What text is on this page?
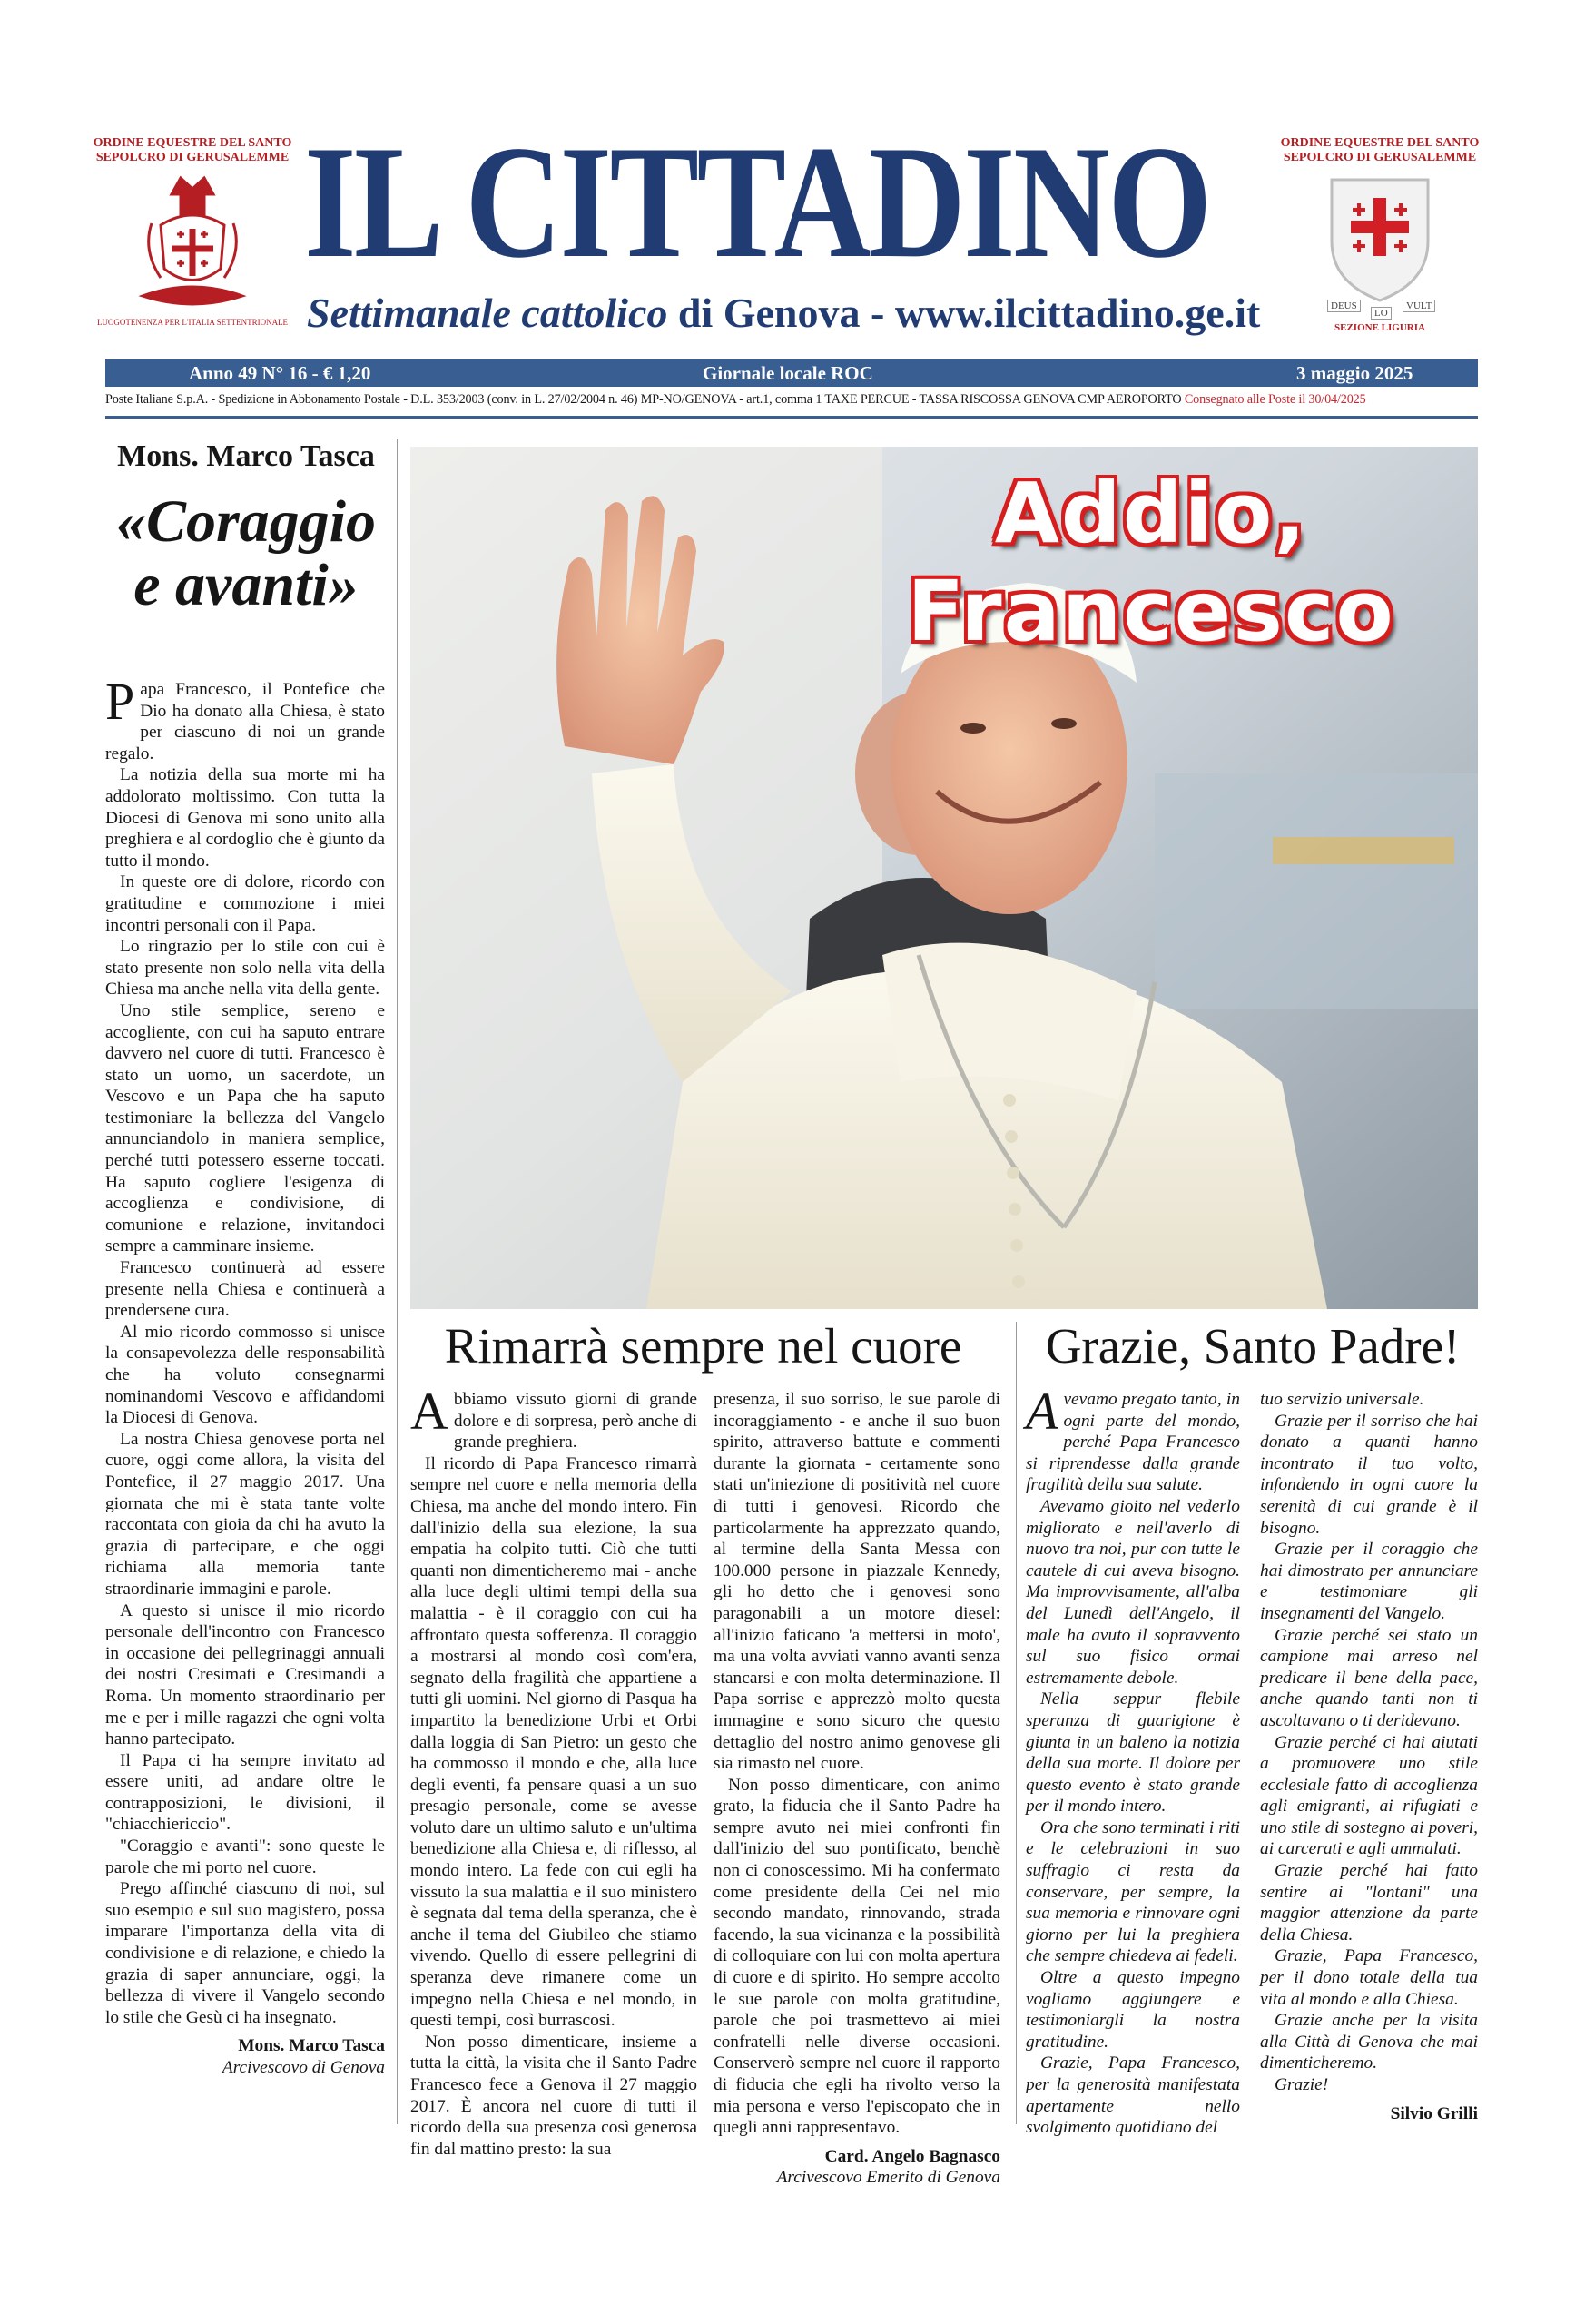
ORDINE EQUESTRE DEL SANTO
SEPOLCRO DI GERUSALEMME
LUOGOTENENZA PER L'ITALIA SETTENTRIONALE
ORDINE EQUESTRE DEL SANTO
SEPOLCRO DI GERUSALEMME
DEUS
LO
VULT
SEZIONE LIGURIA
IL CITTADINO
Settimanale cattolico di Genova - www.ilcittadino.ge.it
Anno 49 N° 16 - € 1,20	Giornale locale ROC	3 maggio 2025
Poste Italiane S.p.A. - Spedizione in Abbonamento Postale - D.L. 353/2003 (conv. in L. 27/02/2004 n. 46) MP-NO/GENOVA - art.1, comma 1 TAXE PERCUE - TASSA RISCOSSA GENOVA CMP AEROPORTO Consegnato alle Poste il 30/04/2025
Mons. Marco Tasca
«Coraggio
e avanti»

Papa Francesco, il Pontefice che Dio ha donato alla Chiesa, è stato per ciascuno di noi un grande regalo.

La notizia della sua morte mi ha addolorato moltissimo. Con tutta la Diocesi di Genova mi sono unito alla preghiera e al cordoglio che è giunto da tutto il mondo.

In queste ore di dolore, ricordo con gratitudine e commozione i miei incontri personali con il Papa.

Lo ringrazio per lo stile con cui è stato presente non solo nella vita della Chiesa ma anche nella vita della gente.

Uno stile semplice, sereno e accogliente, con cui ha saputo entrare davvero nel cuore di tutti. Francesco è stato un uomo, un sacerdote, un Vescovo e un Papa che ha saputo testimoniare la bellezza del Vangelo annunciandolo in maniera semplice, perché tutti potessero esserne toccati. Ha saputo cogliere l'esigenza di accoglienza e condivisione, di comunione e relazione, invitandoci sempre a camminare insieme.

Francesco continuerà ad essere presente nella Chiesa e continuerà a prendersene cura.

Al mio ricordo commosso si unisce la consapevolezza delle responsabilità che ha voluto consegnarmi nominandomi Vescovo e affidandomi la Diocesi di Genova.

La nostra Chiesa genovese porta nel cuore, oggi come allora, la visita del Pontefice, il 27 maggio 2017. Una giornata che mi è stata tante volte raccontata con gioia da chi ha avuto la grazia di partecipare, e che oggi richiama alla memoria tante straordinarie immagini e parole.

A questo si unisce il mio ricordo personale dell'incontro con Francesco in occasione dei pellegrinaggi annuali dei nostri Cresimati e Cresimandi a Roma. Un momento straordinario per me e per i mille ragazzi che ogni volta hanno partecipato.

Il Papa ci ha sempre invitato ad essere uniti, ad andare oltre le contrapposizioni, le divisioni, il "chiacchiericcio".

"Coraggio e avanti": sono queste le parole che mi porto nel cuore.

Prego affinché ciascuno di noi, sul suo esempio e sul suo magistero, possa imparare l'importanza della vita di condivisione e di relazione, e chiedo la grazia di saper annunciare, oggi, la bellezza di vivere il Vangelo secondo lo stile che Gesù ci ha insegnato.

Mons. Marco Tasca
Arcivescovo di Genova
Addio,
Francesco
Rimarrà sempre nel cuore

Abbiamo vissuto giorni di grande dolore e di sorpresa, però anche di grande preghiera.

Il ricordo di Papa Francesco rimarrà sempre nel cuore e nella memoria della Chiesa, ma anche del mondo intero. Fin dall'inizio della sua elezione, la sua empatia ha colpito tutti. Ciò che tutti quanti non dimenticheremo mai - anche alla luce degli ultimi tempi della sua malattia - è il coraggio con cui ha affrontato questa sofferenza. Il coraggio a mostrarsi al mondo così com'era, segnato della fragilità che appartiene a tutti gli uomini. Nel giorno di Pasqua ha impartito la benedizione Urbi et Orbi dalla loggia di San Pietro: un gesto che ha commosso il mondo e che, alla luce degli eventi, fa pensare quasi a un suo presagio personale, come se avesse voluto dare un ultimo saluto e un'ultima benedizione alla Chiesa e, di riflesso, al mondo intero. La fede con cui egli ha vissuto la sua malattia e il suo ministero è segnata dal tema della speranza, che è anche il tema del Giubileo che stiamo vivendo. Quello di essere pellegrini di speranza deve rimanere come un impegno nella Chiesa e nel mondo, in questi tempi, così burrascosi.

Non posso dimenticare, insieme a tutta la città, la visita che il Santo Padre Francesco fece a Genova il 27 maggio 2017. È ancora nel cuore di tutti il ricordo della sua presenza così generosa fin dal mattino presto: la sua

presenza, il suo sorriso, le sue parole di incoraggiamento - e anche il suo buon spirito, attraverso battute e commenti durante la giornata - certamente sono stati un'iniezione di positività nel cuore di tutti i genovesi. Ricordo che particolarmente ha apprezzato quando, al termine della Santa Messa con 100.000 persone in piazzale Kennedy, gli ho detto che i genovesi sono paragonabili a un motore diesel: all'inizio faticano 'a mettersi in moto', ma una volta avviati vanno avanti senza stancarsi e con molta determinazione. Il Papa sorrise e apprezzò molto questa immagine e sono sicuro che questo dettaglio del nostro animo genovese gli sia rimasto nel cuore.

Non posso dimenticare, con animo grato, la fiducia che il Santo Padre ha sempre avuto nei miei confronti fin dall'inizio del suo pontificato, benchè non ci conoscessimo. Mi ha confermato come presidente della Cei nel mio secondo mandato, rinnovando, strada facendo, la sua vicinanza e la possibilità di colloquiare con lui con molta apertura di cuore e di spirito. Ho sempre accolto le sue parole con molta gratitudine, parole che poi trasmettevo ai miei confratelli nelle diverse occasioni. Conserverò sempre nel cuore il rapporto di fiducia che egli ha rivolto verso la mia persona e verso l'episcopato che in quegli anni rappresentavo.

Card. Angelo Bagnasco
Arcivescovo Emerito di Genova
Grazie, Santo Padre!

Avevamo pregato tanto, in ogni parte del mondo, perché Papa Francesco si riprendesse dalla grande fragilità della sua salute.

Avevamo gioito nel vederlo migliorato e nell'averlo di nuovo tra noi, pur con tutte le cautele di cui aveva bisogno. Ma improvvisamente, all'alba del Lunedì dell'Angelo, il male ha avuto il sopravvento sul suo fisico ormai estremamente debole.

Nella seppur flebile speranza di guarigione è giunta in un baleno la notizia della sua morte. Il dolore per questo evento è stato grande per il mondo intero.

Ora che sono terminati i riti e le celebrazioni in suo suffragio ci resta da conservare, per sempre, la sua memoria e rinnovare ogni giorno per lui la preghiera che sempre chiedeva ai fedeli.

Oltre a questo impegno vogliamo aggiungere e testimoniargli la nostra gratitudine.

Grazie, Papa Francesco, per la generosità manifestata apertamente nello svolgimento quotidiano del

tuo servizio universale.

Grazie per il sorriso che hai donato a quanti hanno incontrato il tuo volto, infondendo in ogni cuore la serenità di cui grande è il bisogno.

Grazie per il coraggio che hai dimostrato per annunciare e testimoniare gli insegnamenti del Vangelo.

Grazie perché sei stato un campione mai arreso nel predicare il bene della pace, anche quando tanti non ti ascoltavano o ti deridevano.

Grazie perché ci hai aiutati a promuovere uno stile ecclesiale fatto di accoglienza agli emigranti, ai rifugiati e uno stile di sostegno ai poveri, ai carcerati e agli ammalati.

Grazie perché hai fatto sentire ai "lontani" una maggior attenzione da parte della Chiesa.

Grazie, Papa Francesco, per il dono totale della tua vita al mondo e alla Chiesa.

Grazie anche per la visita alla Città di Genova che mai dimenticheremo.

Grazie!

Silvio Grilli
